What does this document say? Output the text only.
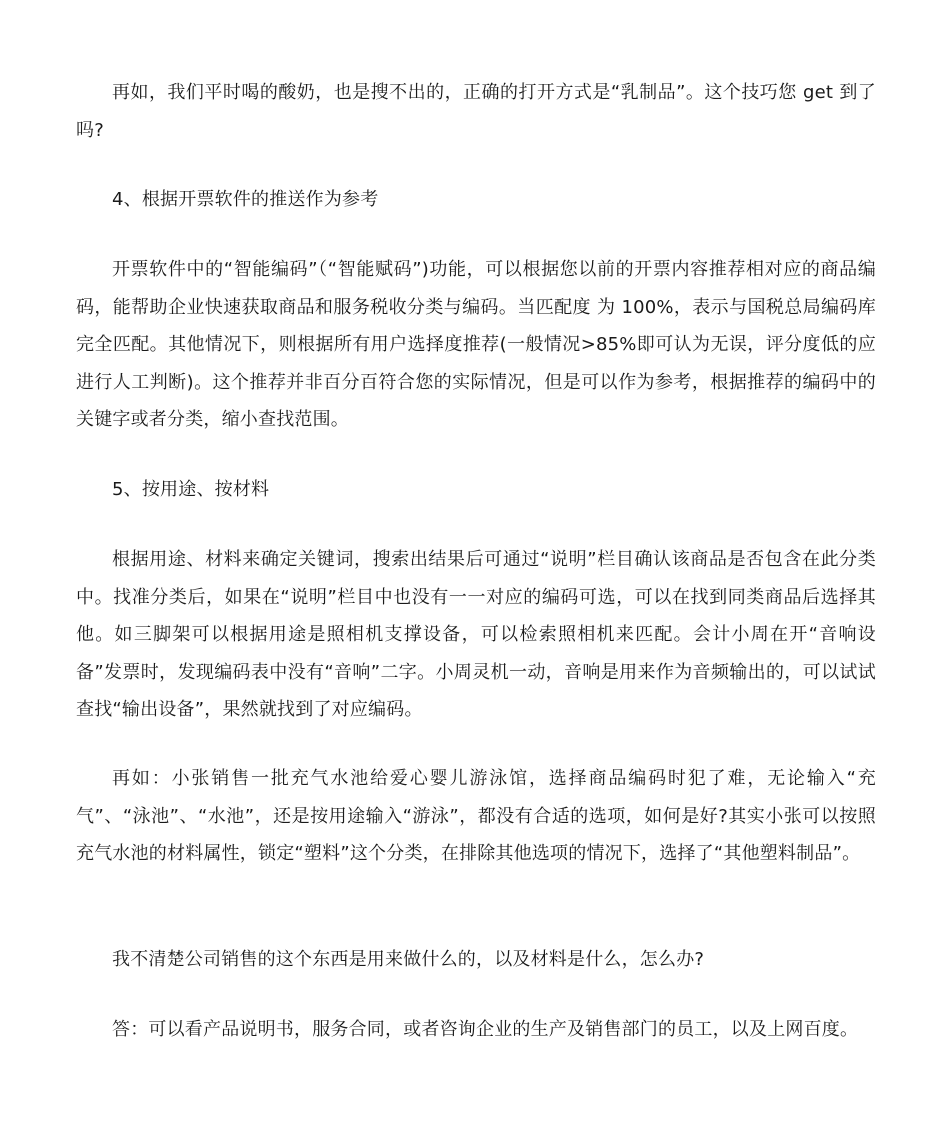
再如，我们平时喝的酸奶，也是搜不出的，正确的打开方式是“乳制品”。这个技巧您 get 到了吗?

4、根据开票软件的推送作为参考

开票软件中的“智能编码”（“智能赋码”)功能，可以根据您以前的开票内容推荐相对应的商品编码，能帮助企业快速获取商品和服务税收分类与编码。当匹配度 为 100%，表示与国税总局编码库完全匹配。其他情况下，则根据所有用户选择度推荐(一般情况>85%即可认为无误，评分度低的应进行人工判断)。这个推荐并非百分百符合您的实际情况，但是可以作为参考，根据推荐的编码中的关键字或者分类，缩小查找范围。

5、按用途、按材料

根据用途、材料来确定关键词，搜索出结果后可通过“说明”栏目确认该商品是否包含在此分类中。找准分类后，如果在“说明”栏目中也没有一一对应的编码可选，可以在找到同类商品后选择其他。如三脚架可以根据用途是照相机支撑设备，可以检索照相机来匹配。会计小周在开“音响设备”发票时，发现编码表中没有“音响”二字。小周灵机一动，音响是用来作为音频输出的，可以试试查找“输出设备”，果然就找到了对应编码。

再如：小张销售一批充气水池给爱心婴儿游泳馆，选择商品编码时犯了难，无论输入“充气”、“泳池”、“水池”，还是按用途输入“游泳”，都没有合适的选项，如何是好?其实小张可以按照充气水池的材料属性，锁定“塑料”这个分类，在排除其他选项的情况下，选择了“其他塑料制品”。

我不清楚公司销售的这个东西是用来做什么的，以及材料是什么，怎么办?

答：可以看产品说明书，服务合同，或者咨询企业的生产及销售部门的员工，以及上网百度。
